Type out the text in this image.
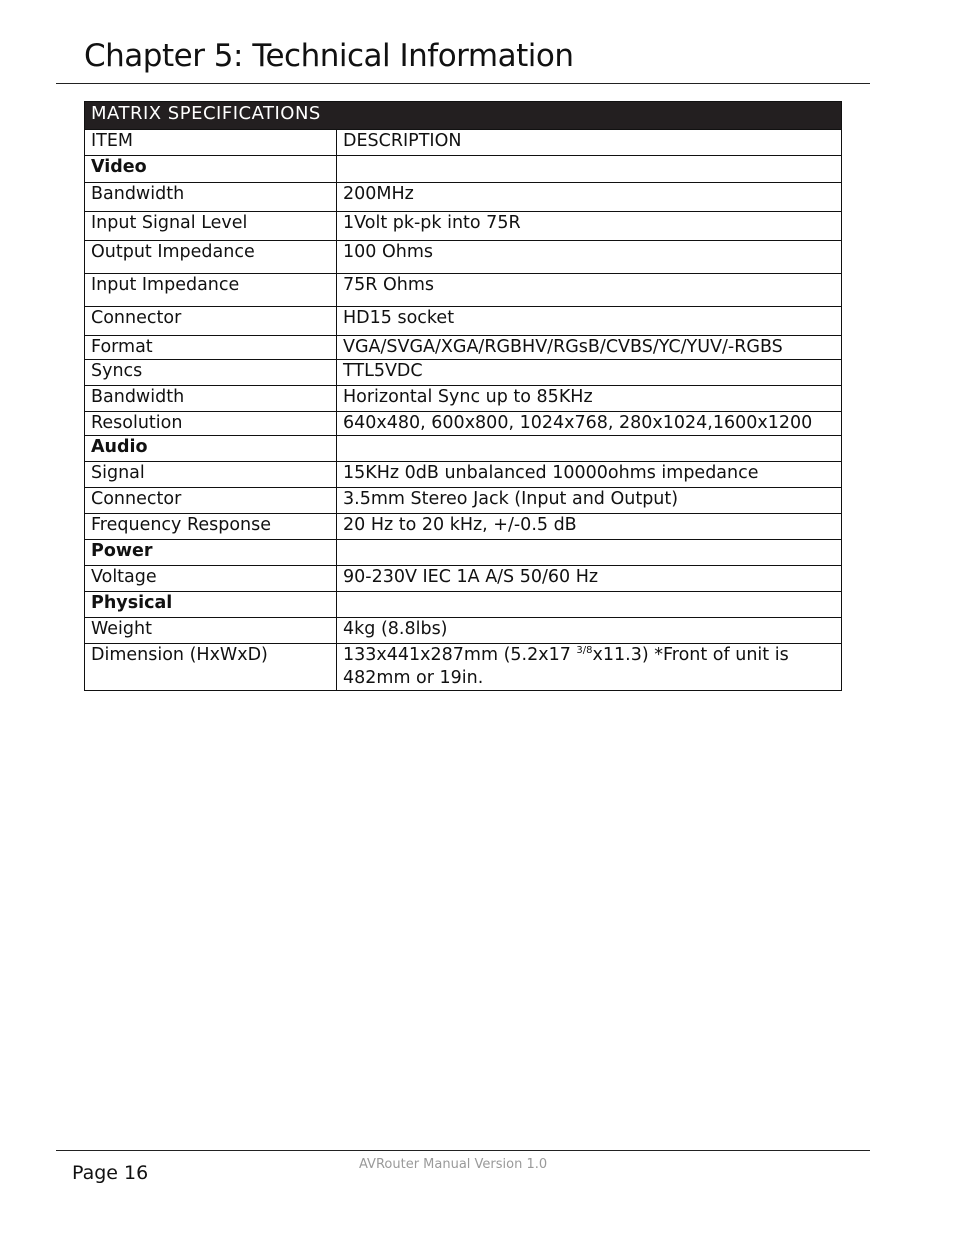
Chapter 5: Technical Information
MATRIX SPECIFICATIONS	
ITEM	DESCRIPTION
Video	
Bandwidth	200MHz
Input Signal Level	1Volt pk-pk into 75R
Output Impedance	100 Ohms
Input Impedance	75R Ohms
Connector	HD15 socket
Format	VGA/SVGA/XGA/RGBHV/RGsB/CVBS/YC/YUV/-RGBS
Syncs	TTL5VDC
Bandwidth	Horizontal Sync up to 85KHz
Resolution	640x480, 600x800, 1024x768, 280x1024,1600x1200
Audio	
Signal	15KHz 0dB unbalanced 10000ohms impedance
Connector	3.5mm Stereo Jack (Input and Output)
Frequency Response	20 Hz to 20 kHz, +/-0.5 dB
Power	
Voltage	90-230V IEC 1A A/S 50/60 Hz
Physical	
Weight	4kg (8.8lbs)
Dimension (HxWxD)	133x441x287mm (5.2x17 $^{3/8}$x11.3) *Front of unit is 482mm or 19in.
Page 16	AVRouter Manual Version 1.0
